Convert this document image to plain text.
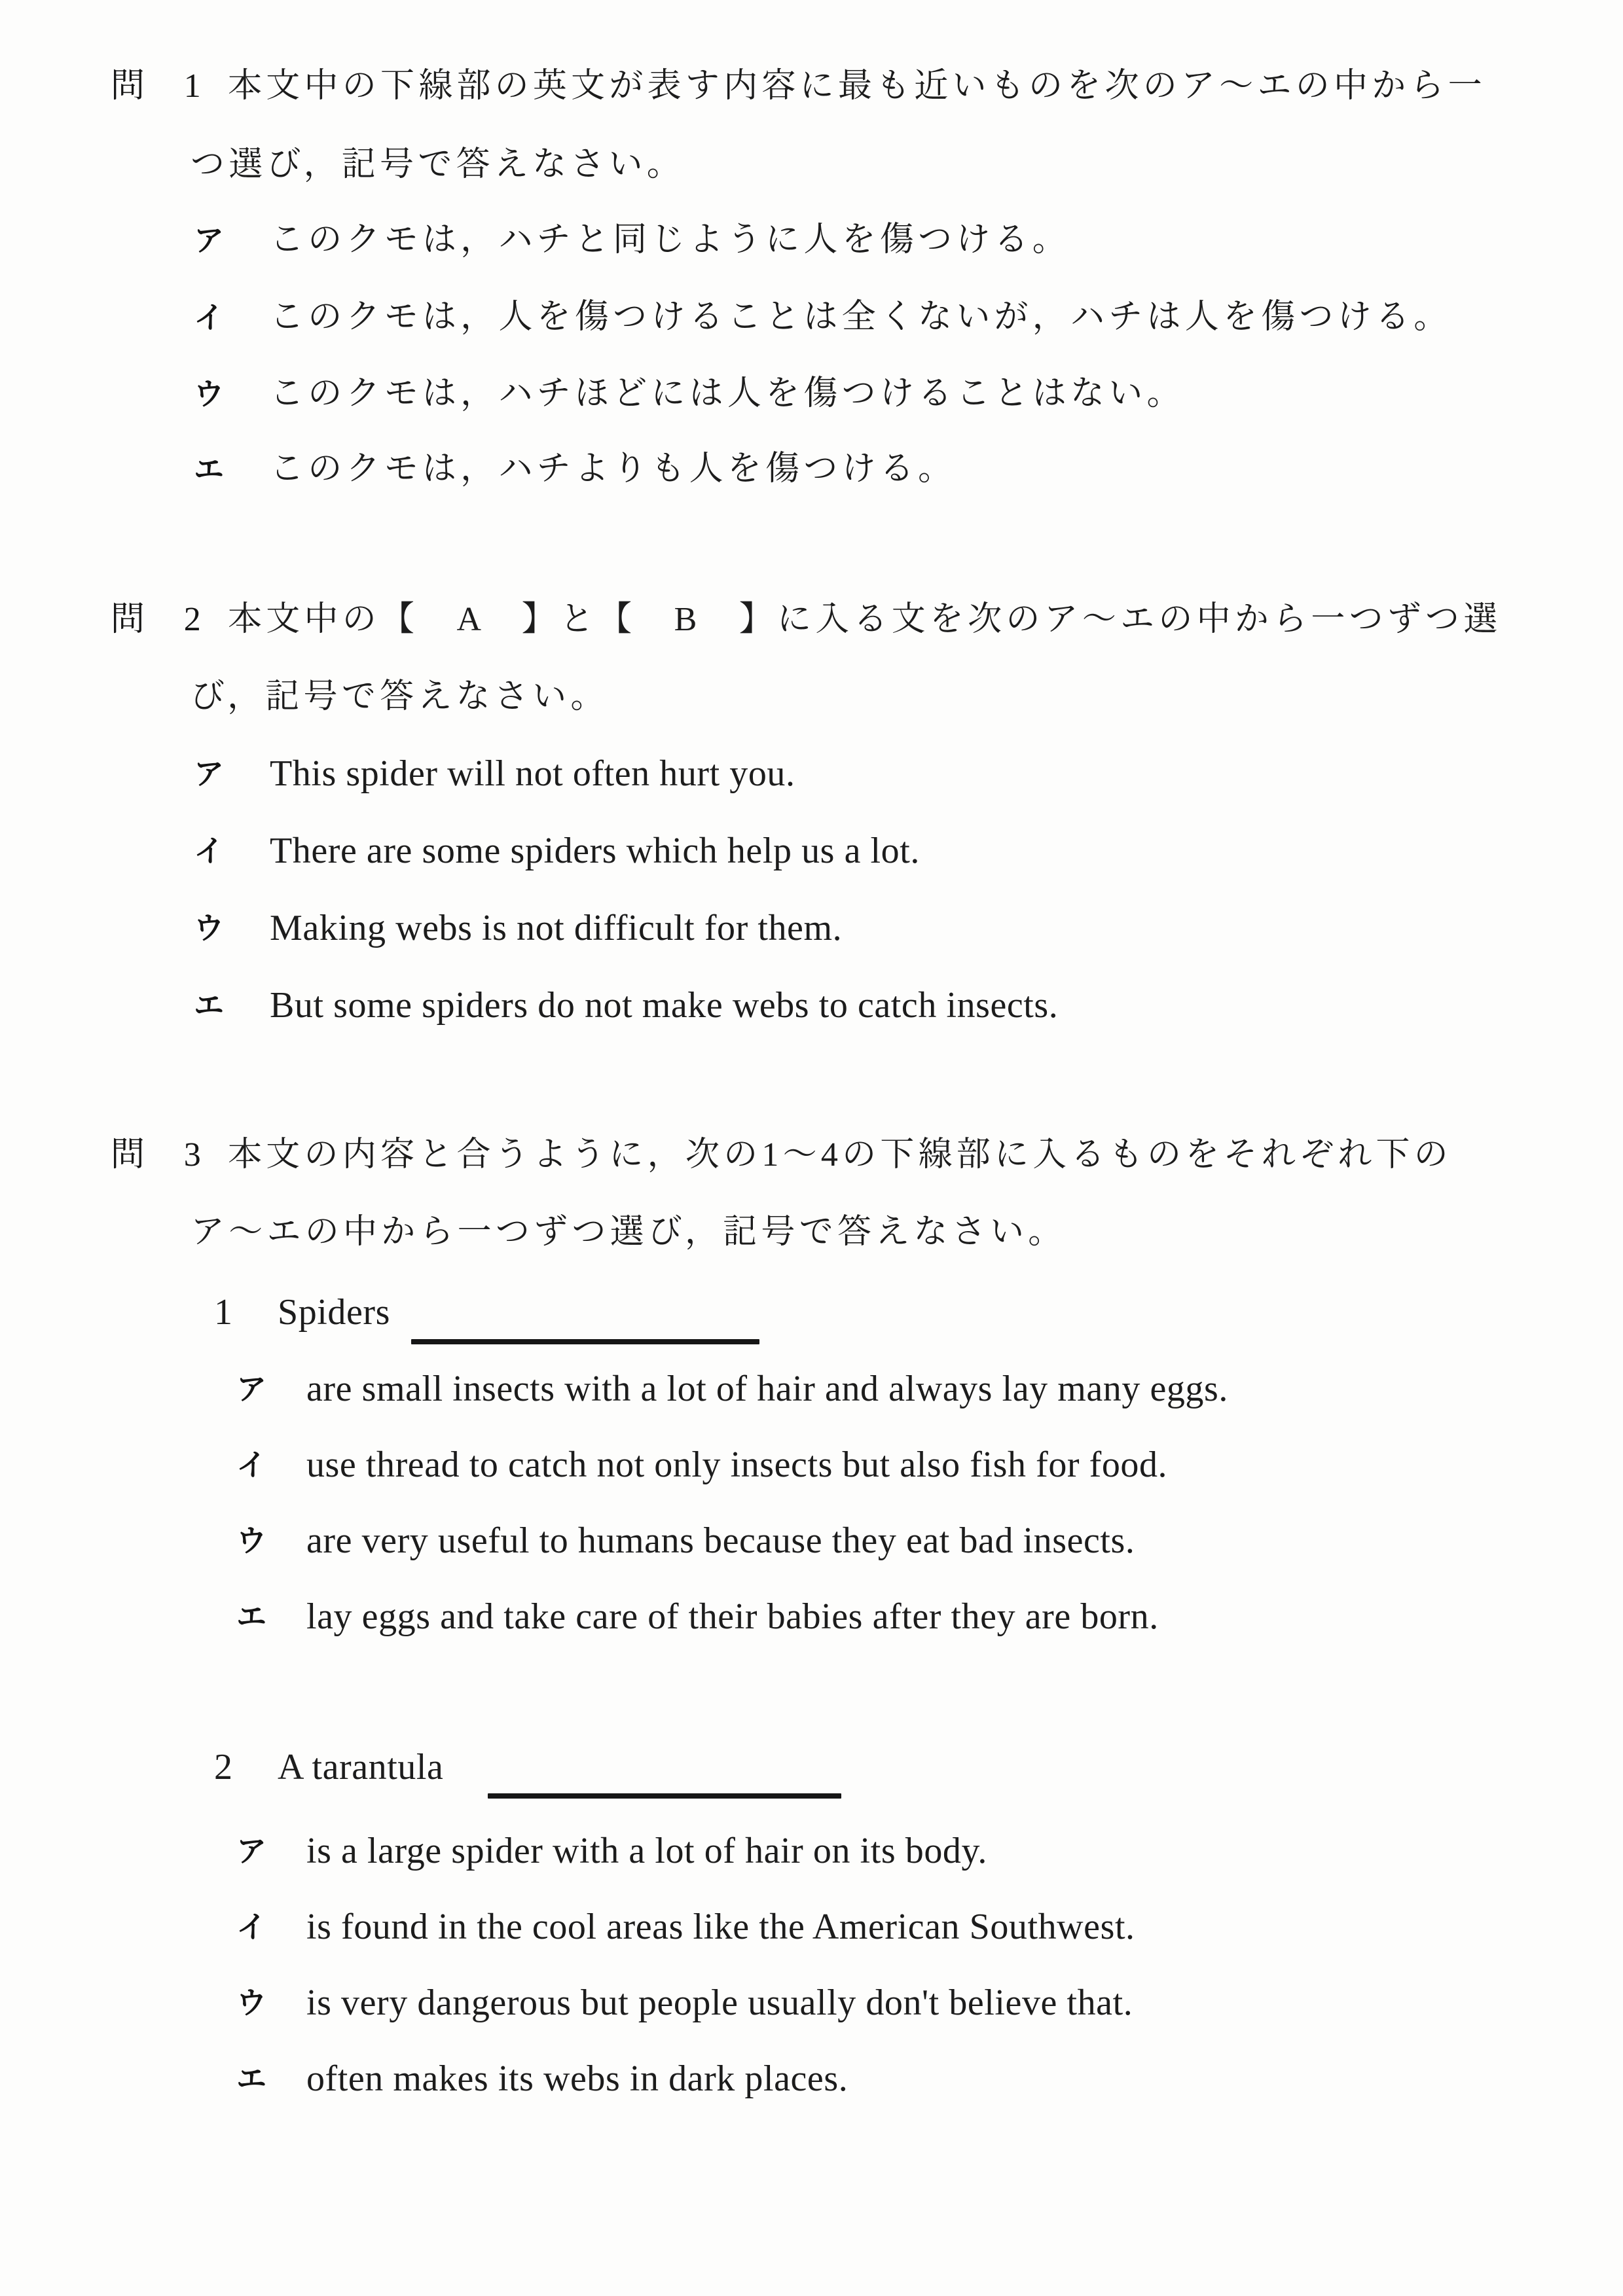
問 1 本文中の下線部の英文が表す内容に最も近いものを次のア～エの中から一
つ選び，記号で答えなさい。
ア このクモは，ハチと同じように人を傷つける。
イ このクモは，人を傷つけることは全くないが，ハチは人を傷つける。
ウ このクモは，ハチほどには人を傷つけることはない。
エ このクモは，ハチよりも人を傷つける。
問 2 本文中の【　A　】と【　B　】に入る文を次のア～エの中から一つずつ選
び，記号で答えなさい。
ア This spider will not often hurt you.
イ There are some spiders which help us a lot.
ウ Making webs is not difficult for them.
エ But some spiders do not make webs to catch insects.
問 3 本文の内容と合うように，次の1～4の下線部に入るものをそれぞれ下の
ア～エの中から一つずつ選び，記号で答えなさい。
1 Spiders
ア are small insects with a lot of hair and always lay many eggs.
イ use thread to catch not only insects but also fish for food.
ウ are very useful to humans because they eat bad insects.
エ lay eggs and take care of their babies after they are born.
2 A tarantula
ア is a large spider with a lot of hair on its body.
イ is found in the cool areas like the American Southwest.
ウ is very dangerous but people usually don't believe that.
エ often makes its webs in dark places.
